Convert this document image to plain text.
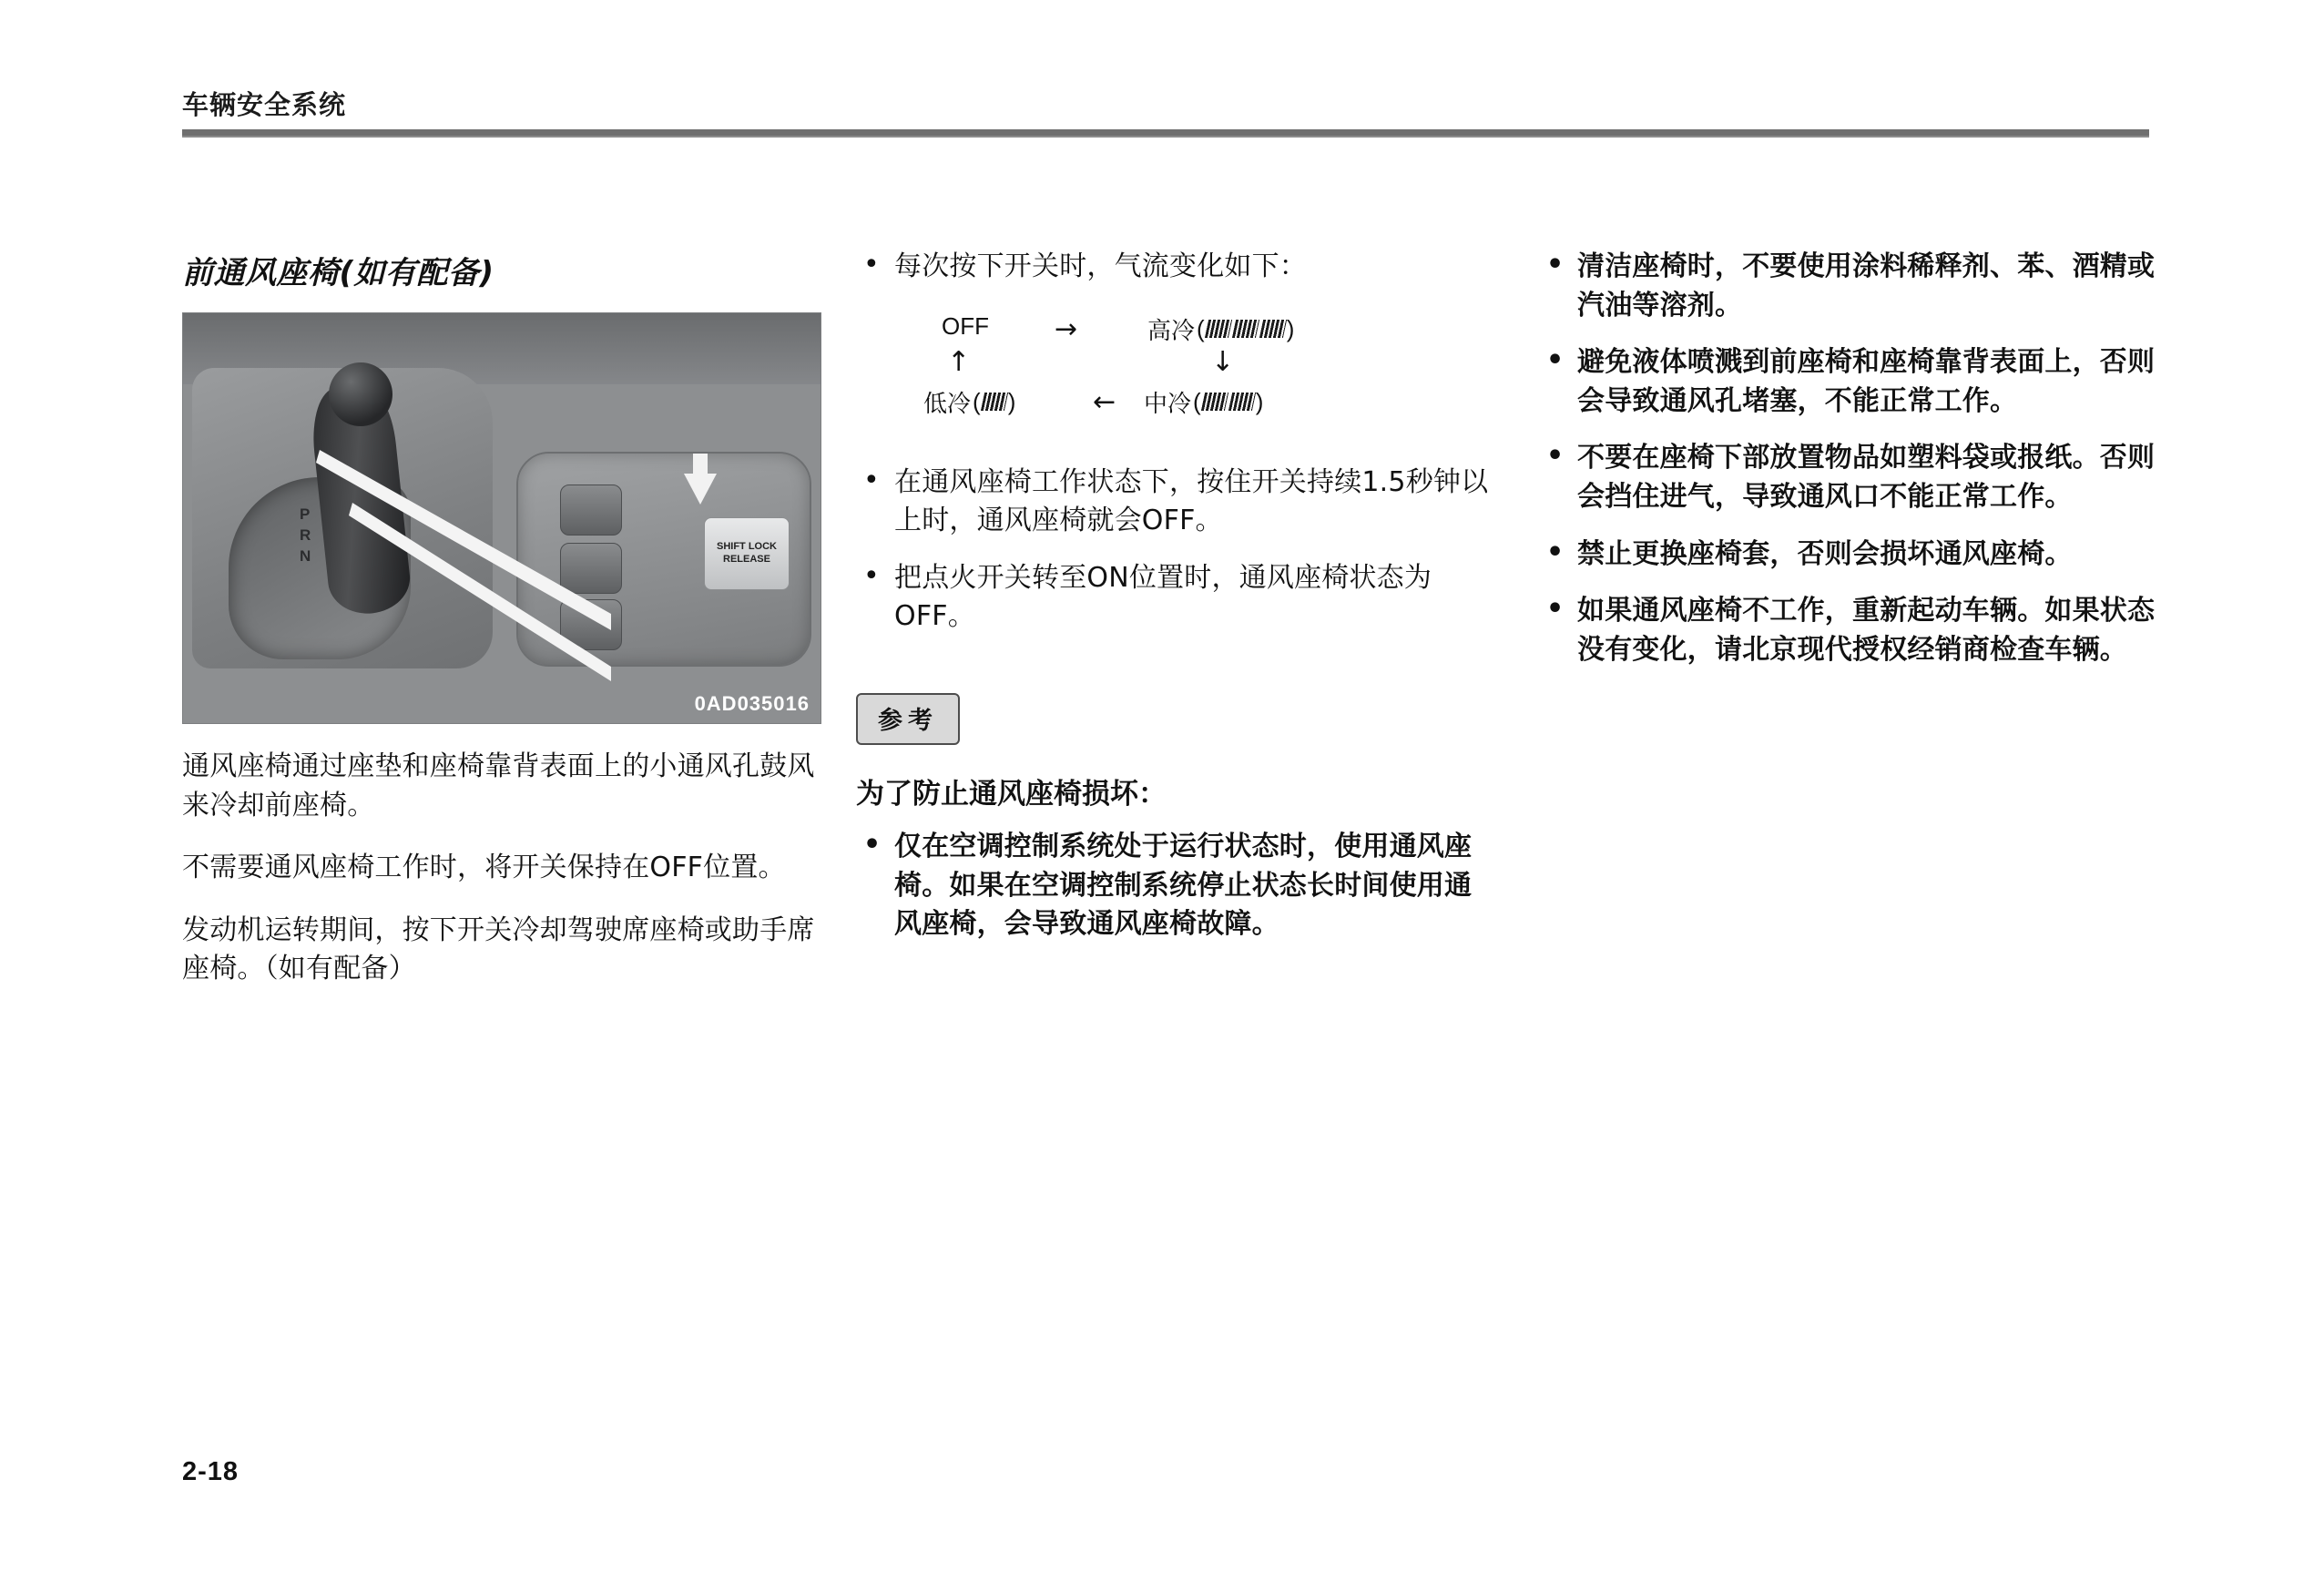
车辆安全系统
前通风座椅(如有配备)
P
R
N
SHIFT LOCK
RELEASE
0AD035016
通风座椅通过座垫和座椅靠背表面上的小通风孔鼓风来冷却前座椅。
不需要通风座椅工作时，将开关保持在OFF位置。
发动机运转期间，按下开关冷却驾驶席座椅或助手席座椅。（如有配备）
• 每次按下开关时，气流变化如下：
OFF →	高冷 (	)
↓
中冷 ( )
←
低冷 ( )
↑
• 在通风座椅工作状态下，按住开关持续1.5秒钟以上时，通风座椅就会OFF。
• 把点火开关转至ON位置时，通风座椅状态为OFF。
参考
为了防止通风座椅损坏：
• 仅在空调控制系统处于运行状态时，使用通风座椅。如果在空调控制系统停止状态长时间使用通风座椅，会导致通风座椅故障。
• 清洁座椅时，不要使用涂料稀释剂、苯、酒精或汽油等溶剂。
• 避免液体喷溅到前座椅和座椅靠背表面上，否则会导致通风孔堵塞，不能正常工作。
• 不要在座椅下部放置物品如塑料袋或报纸。否则会挡住进气，导致通风口不能正常工作。
• 禁止更换座椅套，否则会损坏通风座椅。
• 如果通风座椅不工作，重新起动车辆。如果状态没有变化，请北京现代授权经销商检查车辆。
2-18
